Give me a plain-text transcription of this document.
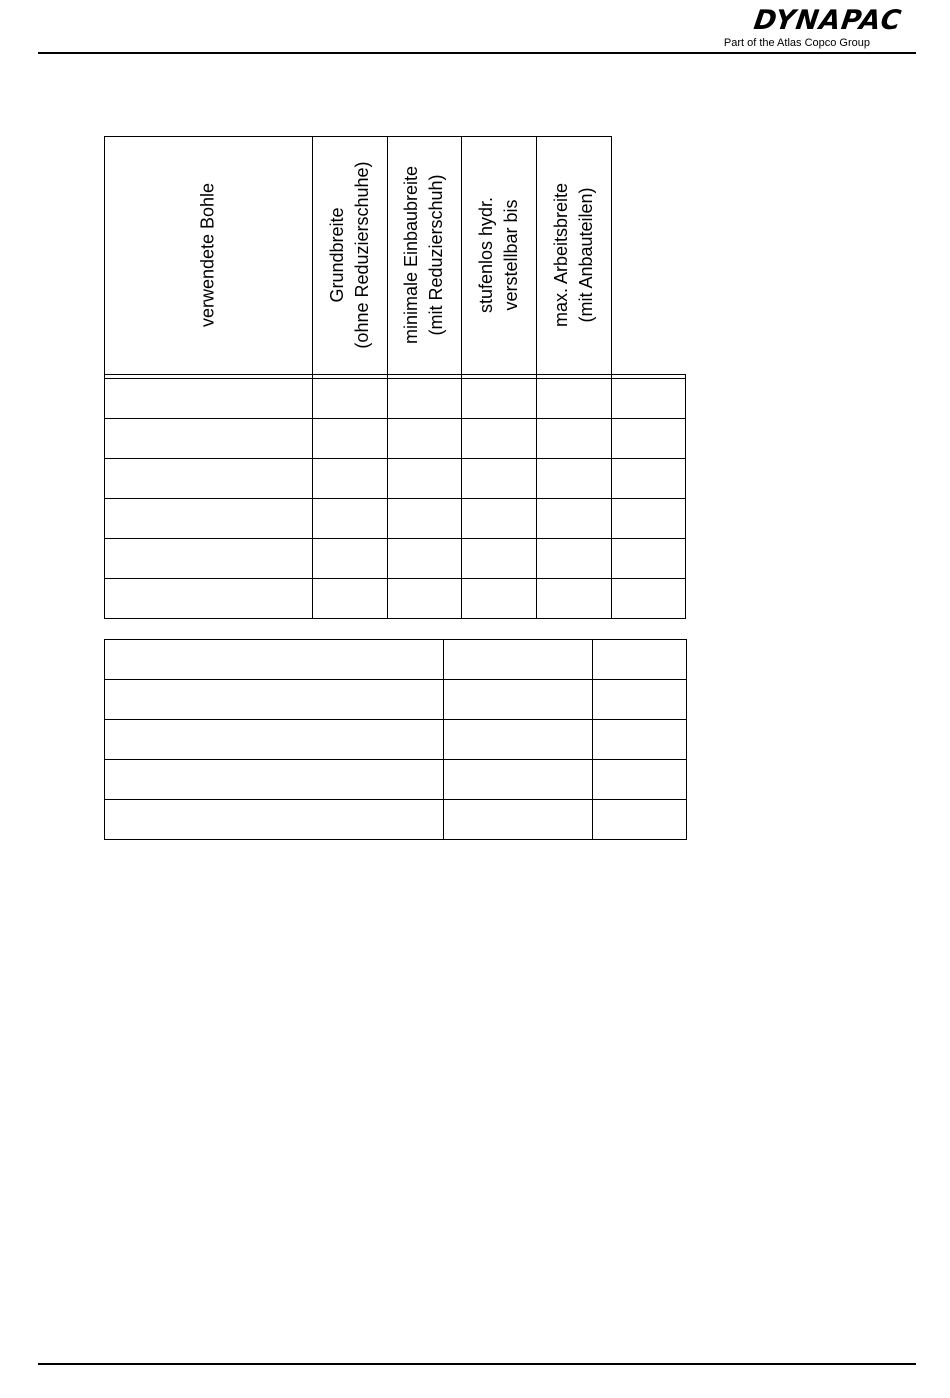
DYNAPAC
Part of the Atlas Copco Group
verwendete Bohle	Grundbreite (ohne Reduzierschuhe) minimale Einbaubreite (mit Reduzierschuh) stufenlos hydr. verstellbar bis max. Arbeitsbreite (mit Anbauteilen)
